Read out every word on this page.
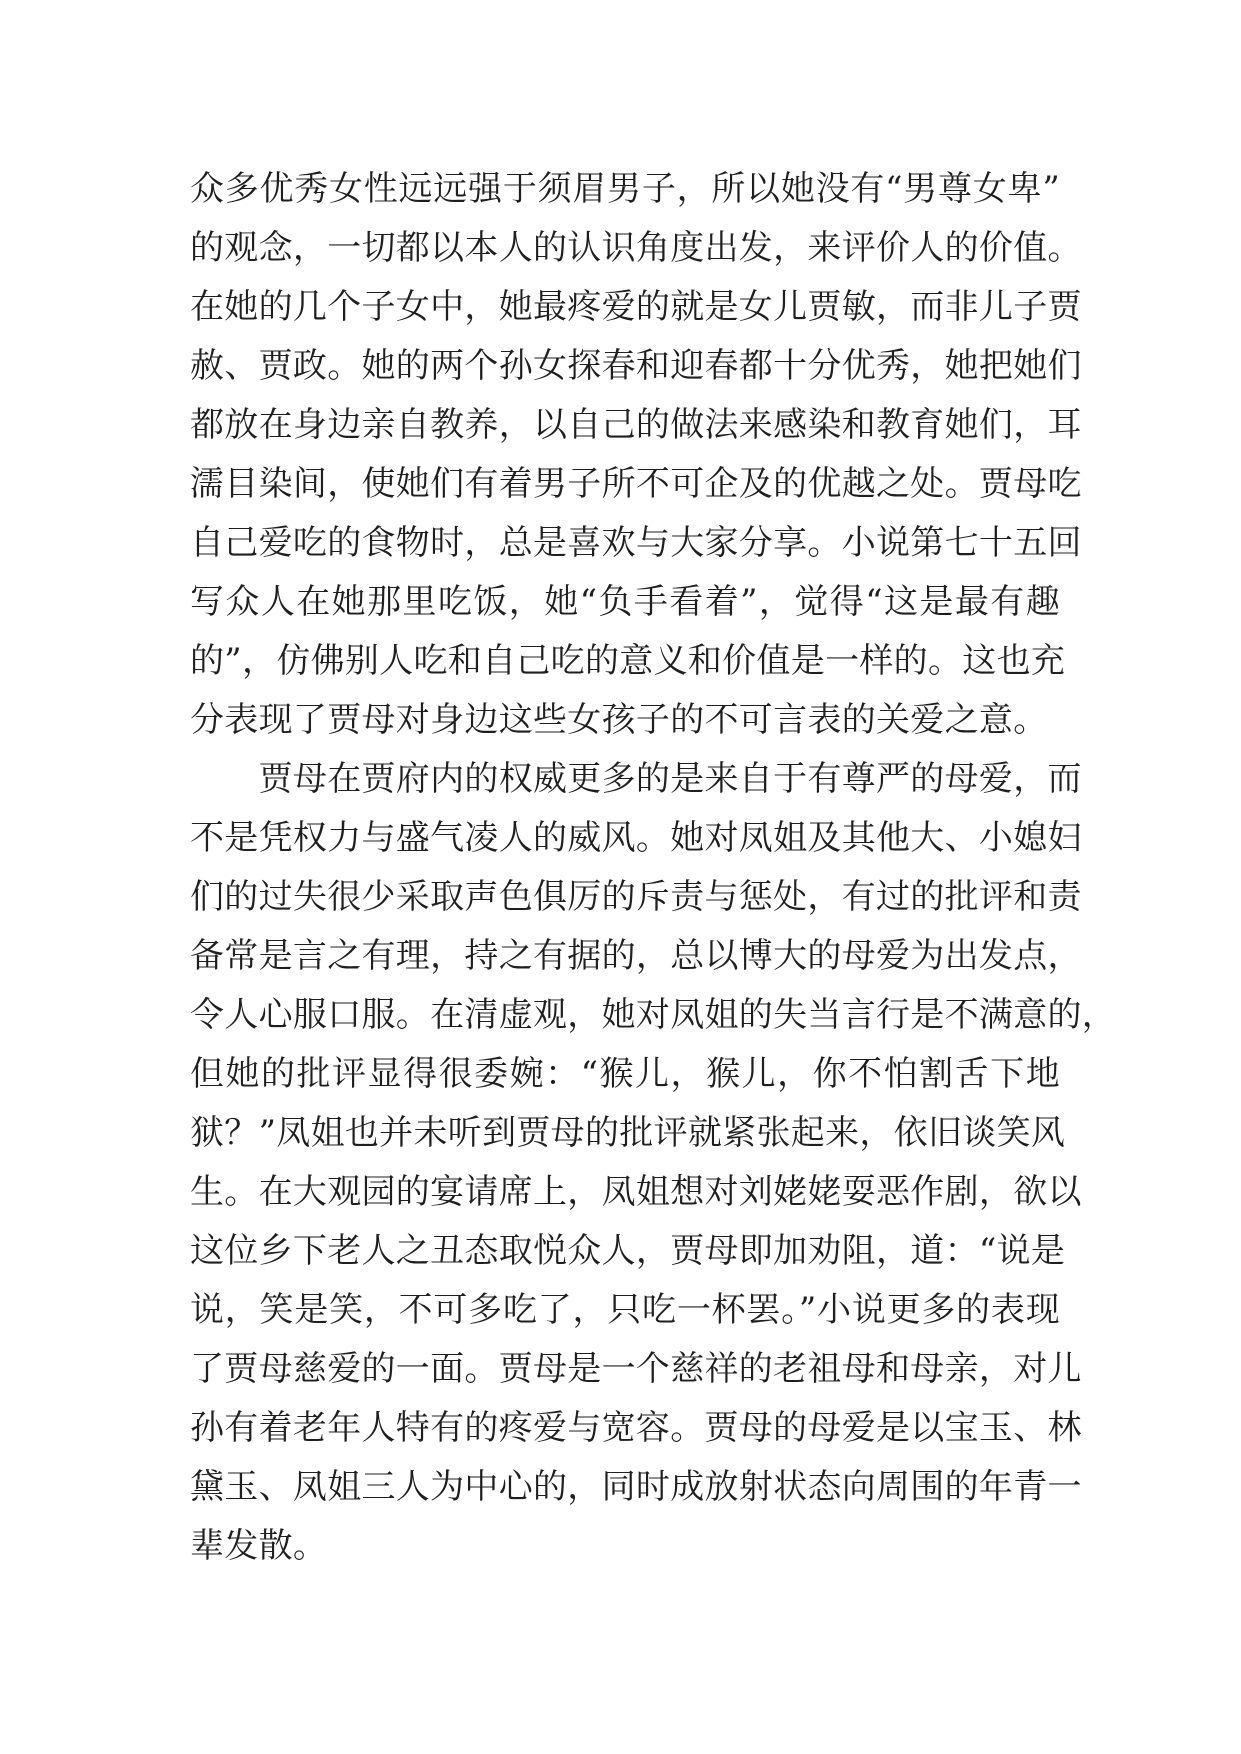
众多优秀女性远远强于须眉男子，所以她没有“男尊女卑”
的观念，一切都以本人的认识角度出发，来评价人的价值。
在她的几个子女中，她最疼爱的就是女儿贾敏，而非儿子贾
赦、贾政。她的两个孙女探春和迎春都十分优秀，她把她们
都放在身边亲自教养，以自己的做法来感染和教育她们，耳
濡目染间，使她们有着男子所不可企及的优越之处。贾母吃
自己爱吃的食物时，总是喜欢与大家分享。小说第七十五回
写众人在她那里吃饭，她“负手看着”，觉得“这是最有趣
的”，仿佛别人吃和自己吃的意义和价值是一样的。这也充
分表现了贾母对身边这些女孩子的不可言表的关爱之意。
　　贾母在贾府内的权威更多的是来自于有尊严的母爱，而
不是凭权力与盛气凌人的威风。她对凤姐及其他大、小媳妇
们的过失很少采取声色俱厉的斥责与惩处，有过的批评和责
备常是言之有理，持之有据的，总以博大的母爱为出发点，
令人心服口服。在清虚观，她对凤姐的失当言行是不满意的，
但她的批评显得很委婉：“猴儿，猴儿，你不怕割舌下地
狱？”凤姐也并未听到贾母的批评就紧张起来，依旧谈笑风
生。在大观园的宴请席上，凤姐想对刘姥姥耍恶作剧，欲以
这位乡下老人之丑态取悦众人，贾母即加劝阻，道：“说是
说，笑是笑，不可多吃了，只吃一杯罢。”小说更多的表现
了贾母慈爱的一面。贾母是一个慈祥的老祖母和母亲，对儿
孙有着老年人特有的疼爱与宽容。贾母的母爱是以宝玉、林
黛玉、凤姐三人为中心的，同时成放射状态向周围的年青一
辈发散。
